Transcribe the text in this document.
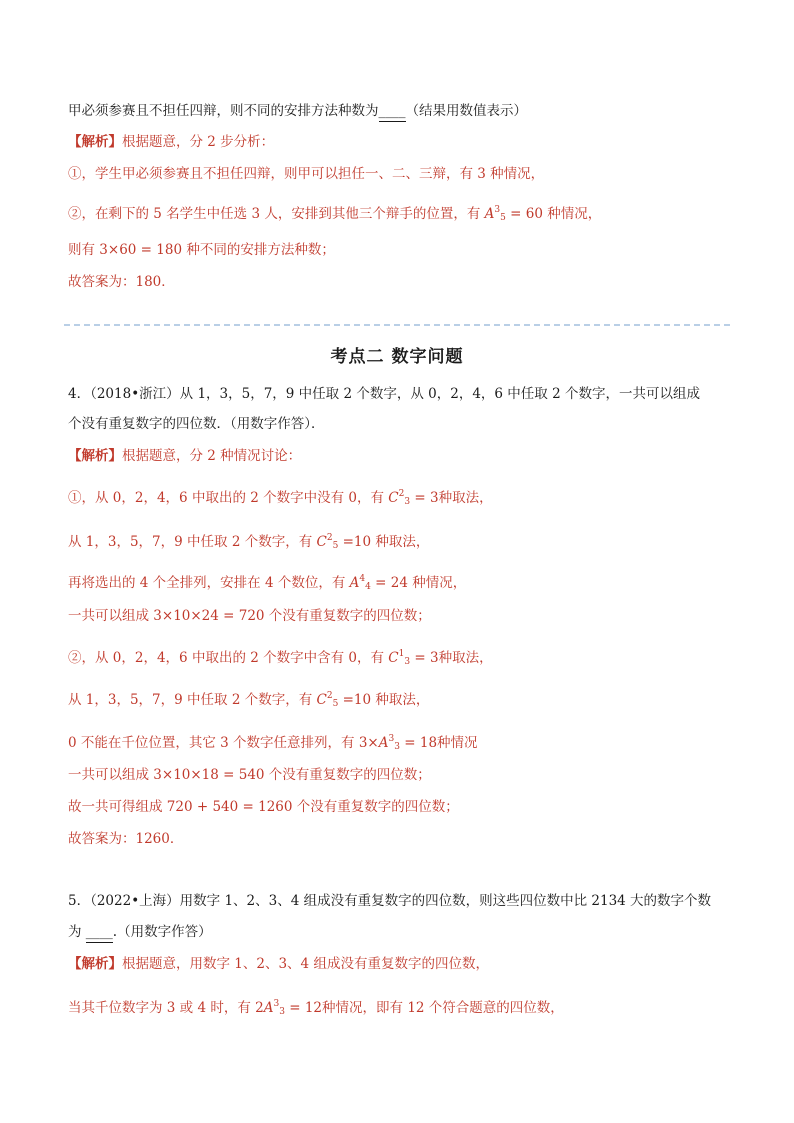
甲必须参赛且不担任四辩，则不同的安排方法种数为____（结果用数值表示）
【解析】根据题意，分 2 步分析：
①，学生甲必须参赛且不担任四辩，则甲可以担任一、二、三辩，有 3 种情况，
②，在剩下的 5 名学生中任选 3 人，安排到其他三个辩手的位置，有 $A^3_5 = 60$ 种情况，
则有 3×60 = 180 种不同的安排方法种数；
故答案为：180．
考点二 数字问题
4．（2018•浙江）从 1，3，5，7，9 中任取 2 个数字，从 0，2，4，6 中任取 2 个数字，一共可以组成
个没有重复数字的四位数．（用数字作答）．
【解析】根据题意，分 2 种情况讨论：
①，从 0，2，4，6 中取出的 2 个数字中没有 0，有 $C^2_3 = 3$种取法，
从 1，3，5，7，9 中任取 2 个数字，有 $C^2_5 =10$ 种取法，
再将选出的 4 个全排列，安排在 4 个数位，有 $A^4_4 = 24$ 种情况，
一共可以组成 3×10×24 = 720 个没有重复数字的四位数；
②，从 0，2，4，6 中取出的 2 个数字中含有 0，有 $C^1_3 = 3$种取法，
从 1，3，5，7，9 中任取 2 个数字，有 $C^2_5 =10$ 种取法，
0 不能在千位位置，其它 3 个数字任意排列，有 $3\times A^3_3 = 18$种情况
一共可以组成 3×10×18 = 540 个没有重复数字的四位数；
故一共可得组成 720 + 540 = 1260 个没有重复数字的四位数；
故答案为：1260．
5．（2022•上海）用数字 1、2、3、4 组成没有重复数字的四位数，则这些四位数中比 2134 大的数字个数
为 ____.（用数字作答）
【解析】根据题意，用数字 1、2、3、4 组成没有重复数字的四位数，
当其千位数字为 3 或 4 时，有 $2A^3_3 = 12$种情况，即有 12 个符合题意的四位数，
